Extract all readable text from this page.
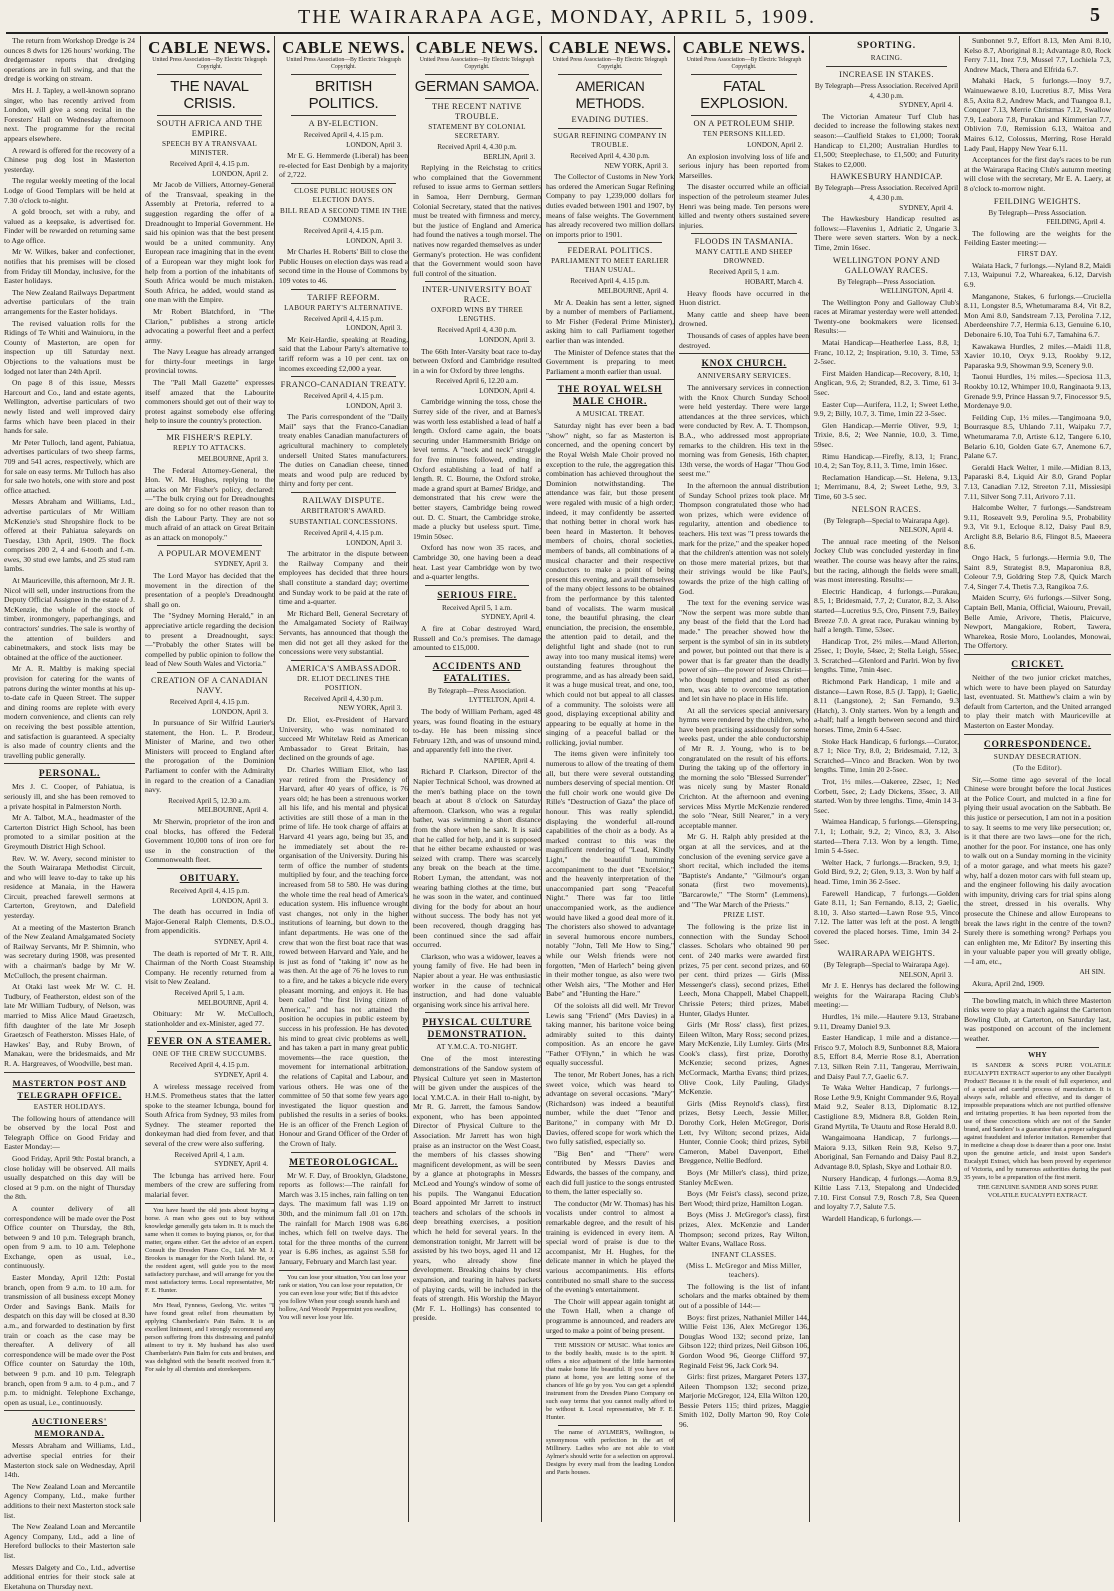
THE WAIRARAPA AGE, MONDAY, APRIL 5, 1909.	5

The return from Workshop Dredge is 24 ounces 8 dwts for 126 hours' working. The dredgemaster reports that dredging operations are in full swing, and that the dredge is working on stream.

Mrs H. J. Tapley, a well-known soprano singer, who has recently arrived from London, will give a song recital in the Foresters' Hall on Wednesday afternoon next. The programme for the recital appears elsewhere.

A reward is offered for the recovery of a Chinese pug dog lost in Masterton yesterday.

The regular weekly meeting of the local Lodge of Good Templars will be held at 7.30 o'clock to-night.

A gold brooch, set with a ruby, and valued as a keepsake, is advertised for. Finder will be rewarded on returning same to Age office.

Mr W. Wilkes, baker and confectioner, notifies that his premises will be closed from Friday till Monday, inclusive, for the Easter holidays.

The New Zealand Railways Department advertise particulars of the train arrangements for the Easter holidays.

The revised valuation rolls for the Ridings of Te Whiti and Wainuioru, in the County of Masterton, are open for inspection up till Saturday next. Objections to the valuations must be lodged not later than 24th April.

On page 8 of this issue, Messrs Harcourt and Co., land and estate agents, Wellington, advertise particulars of two newly listed and well improved dairy farms which have been placed in their hands for sale.

Mr Peter Tulloch, land agent, Pahiatua, advertises particulars of two sheep farms, 709 and 541 acres, respectively, which are for sale on easy terms. Mr Tulloch has also for sale two hotels, one with store and post office attached.

Messrs Abraham and Williams, Ltd., advertise particulars of Mr William McKenzie's stud Shropshire flock to be offered at their Pahiatua saleyards on Tuesday, 13th April, 1909. The flock comprises 200 2, 4 and 6-tooth and f.-m. ewes, 30 stud ewe lambs, and 25 stud ram lambs.

At Mauriceville, this afternoon, Mr J. R. Nicol will sell, under instructions from the Deputy Official Assignee in the estate of J. McKenzie, the whole of the stock of timber, ironmongery, paperhangings, and contractors' sundries. The sale is worthy of the attention of builders and cabinetmakers, and stock lists may be obtained at the office of the auctioneer.

Mr A. R. Maltby is making special provision for catering for the wants of patrons during the winter months at his up-to-date cafe in Queen Street. The supper and dining rooms are replete with every modern convenience, and clients can rely on receiving the best possible attention, and satisfaction is guaranteed. A specialty is also made of country clients and the travelling public generally.

PERSONAL.

Mrs J. C. Cooper, of Pahiatua, is seriously ill, and she has been removed to a private hospital in Palmerston North.

Mr A. Talbot, M.A., headmaster of the Carterton District High School, has been promoted to a similar position at the Greymouth District High School.

Rev. W. W. Avery, second minister to the South Wairarapa Methodist Circuit, and who will leave to-day to take up his residence at Manaia, in the Hawera Circuit, preached farewell sermons at Carterton, Greytown, and Dalefield yesterday.

At a meeting of the Masterton Branch of the New Zealand Amalgamated Society of Railway Servants, Mr P. Shimnin, who was secretary during 1908, was presented with a chairman's badge by Mr W. McCulloch, the present chairman.

At Otaki last week Mr W. C. H. Tudbury, of Featherston, eldest son of the late Mr William Tudbury, of Nelson, was married to Miss Alice Maud Graetzsch, fifth daughter of the late Mr Joseph Graetzsch of Featherston. Misses Hale, of Hawkes' Bay, and Ruby Brown, of Manakau, were the bridesmaids, and Mr R. A. Hargreaves, of Woodville, best man.

MASTERTON POST AND TELEGRAPH OFFICE.
EASTER HOLIDAYS.

The following hours of attendance will be observed by the local Post and Telegraph Office on Good Friday and Easter Monday:—

Good Friday, April 9th: Postal branch, a close holiday will be observed. All mails usually despatched on this day will be closed at 9 p.m. on the night of Thursday the 8th.

A counter delivery of all correspondence will be made over the Post Office counter on Thursday, the 8th, between 9 and 10 p.m. Telegraph branch, open from 9 a.m. to 10 a.m. Telephone Exchange, open as usual, i.e., continuously.

Easter Monday, April 12th: Postal branch, open from 9 a.m. to 10 a.m. for transmission of all business except Money Order and Savings Bank. Mails for despatch on this day will be closed at 8.30 a.m., and forwarded to destination by first train or coach as the case may be thereafter. A delivery of all correspondence will be made over the Post Office counter on Saturday the 10th, between 9 p.m. and 10 p.m. Telegraph branch, open from 9 a.m. to 4 p.m., and 7 p.m. to midnight. Telephone Exchange, open as usual, i.e., continuously.

AUCTIONEERS' MEMORANDA.

Messrs Abraham and Williams, Ltd., advertise special entries for their Masterton stock sale on Wednesday, April 14th.

The New Zealand Loan and Mercantile Agency Company, Ltd., make further additions to their next Masterton stock sale list.

The New Zealand Loan and Mercantile Agency Company, Ltd., add a line of Hereford bullocks to their Masterton sale list.

Messrs Dalgety and Co., Ltd., advertise additional entries for their stock sale at Eketahuna on Thursday next.

CABLE NEWS.
United Press Association—By Electric Telegraph Copyright.
THE NAVAL CRISIS.
SOUTH AFRICA AND THE EMPIRE.
SPEECH BY A TRANSVAAL MINISTER.
Received April 4, 4.15 p.m.
LONDON, April 2.

Mr Jacob de Villiers, Attorney-General of the Transvaal, speaking in the Assembly at Pretoria, referred to a suggestion regarding the offer of a Dreadnought to Imperial Government. He said his opinion was that the best present would be a united community. Any European race imagining that in the event of a European war they might look for help from a portion of the inhabitants of South Africa would be much mistaken. South Africa, he added, would stand as one man with the Empire.

Mr Robert Blatchford, in "The Clarion," publishes a strong article advocating a powerful fleet and a perfect army.

The Navy League has already arranged for thirty-four meetings in large provincial towns.

The "Pall Mall Gazette" expresses itself amazed that the Labourite commoners should get out of their way to protest against somebody else offering help to insure the country's protection.

MR FISHER'S REPLY.
REPLY TO ATTACKS.
MELBOURNE, April 3.

The Federal Attorney-General, the Hon. W. M. Hughes, replying to the attacks on Mr Fisher's policy, declared:—"The bulk crying out for Dreadnoughts are doing so for no other reason than to dish the Labour Party. They are not so much afraid of an attack on Great Britain as an attack on monopoly."

A POPULAR MOVEMENT
SYDNEY, April 3.

The Lord Mayor has decided that the movement in the direction of the presentation of a people's Dreadnought shall go on.

The "Sydney Morning Herald," in an appreciative article regarding the decision to present a Dreadnought, says:—"Probably the other States will be compelled by public opinion to follow the lead of New South Wales and Victoria."

CREATION OF A CANADIAN NAVY.
Received April 4, 4.15 p.m.
LONDON, April 3.

In pursuance of Sir Wilfrid Laurier's statement, the Hon. L. P. Brodeur, Minister of Marine, and two other Ministers will proceed to England after the prorogation of the Dominion Parliament to confer with the Admiralty in regard to the creation of a Canadian navy.

Received April 5, 12.30 a.m.
MELBOURNE, April 4.

Mr Sherwin, proprietor of the iron and coal blocks, has offered the Federal Government 10,000 tons of iron ore for use in the construction of the Commonwealth fleet.

OBITUARY.
Received April 4, 4.15 p.m.
LONDON, April 3.

The death has occurred in India of Major-General Ralph Clements, D.S.O., from appendicitis.

SYDNEY, April 4.

The death is reported of Mr T. R. Allt, Chairman of the North Coast Steamship Company. He recently returned from a visit to New Zealand.

Received April 5, 1 a.m.
MELBOURNE, April 4.

Obituary: Mr W. McCulloch, stationholder and ex-Minister, aged 77.

FEVER ON A STEAMER.
ONE OF THE CREW SUCCUMBS.
Received April 4, 4.15 p.m.
SYDNEY, April 4.

A wireless message received from H.M.S. Prometheus states that the latter spoke to the steamer Icbunga, bound for South Africa from Sydney, 93 miles from Sydney. The steamer reported the donkeyman had died from fever, and that several of the crew were also suffering.

Received April 4, 1 a.m.
SYDNEY, April 4.

The Icbunga has arrived here. Four members of the crew are suffering from malarial fever.

You have heard the old jests about buying a horse. A man who goes out to buy without knowledge generally gets taken in. It is much the same when it comes to buying pianos, or, for that matter, organs either. Get the advice of an expert. Consult the Dresden Piano Co., Ltd. Mr M. J. Brookes is manager for the North Island. He, or the resident agent, will guide you to the most satisfactory purchase, and will arrange for you the most satisfactory terms. Local representative, Mr F. E. Hunter.

Mrs Head, Fynness, Geelong, Vic. writes "I have found great relief from rheumatism by applying Chamberlain's Pain Balm. It is an excellent liniment, and I strongly recommend any person suffering from this distressing and painful ailment to try it. My husband has also used Chamberlain's Pain Balm for cuts and bruises, and was delighted with the benefit received from it." For sale by all chemists and storekeepers.

CABLE NEWS.
United Press Association—By Electric Telegraph Copyright.
BRITISH POLITICS.
A BY-ELECTION.
Received April 4, 4.15 p.m.
LONDON, April 3.

Mr E. G. Hemmerde (Liberal) has been re-elected for East Denbigh by a majority of 2,722.

CLOSE PUBLIC HOUSES ON ELECTION DAYS.
BILL READ A SECOND TIME IN THE COMMONS.
Received April 4, 4.15 p.m.
LONDON, April 3.

Mr Charles H. Roberts' Bill to close the Public Houses on election days was read a second time in the House of Commons by 109 votes to 46.

TARIFF REFORM.
LABOUR PARTY'S ALTERNATIVE.
Received April 4, 4.15 p.m.
LONDON, April 3.

Mr Keir-Hardie, speaking at Reading, said that the Labour Party's alternative to tariff reform was a 10 per cent. tax on incomes exceeding £2,000 a year.

FRANCO-CANADIAN TREATY.
Received April 4, 4.15 p.m.
LONDON, April 3.

The Paris correspondent of the "Daily Mail" says that the Franco-Canadian treaty enables Canadian manufacturers of agricultural machinery to completely undersell United States manufacturers. The duties on Canadian cheese, tinned meats and wood pulp are reduced by thirty and forty per cent.

RAILWAY DISPUTE.
ARBITRATOR'S AWARD.
SUBSTANTIAL CONCESSIONS.
Received April 4, 4.15 p.m.
LONDON, April 3.

The arbitrator in the dispute between the Railway Company and their employees has decided that three hours shall constitute a standard day; overtime and Sunday work to be paid at the rate of time and a-quarter.

Mr Richard Bell, General Secretary of the Amalgamated Society of Railway Servants, has announced that though the men did not get all they asked for the concessions were very substantial.

AMERICA'S AMBASSADOR.
DR. ELIOT DECLINES THE POSITION.
Received April 4, 4.30 p.m.
NEW YORK, April 3.

Dr. Eliot, ex-President of Harvard University, who was nominated to succeed Mr Whitelaw Reid as American Ambassador to Great Britain, has declined on the grounds of age.

Dr. Charles William Eliot, who last year retired from the Presidency of Harvard, after 40 years of office, is 76 years old; he has been a strenuous worker all his life, and his mental and physical activities are still those of a man in the prime of life. He took charge of affairs at Harvard 41 years ago, being but 35, and he immediately set about the re-organisation of the University. During his term of office the number of students multiplied by four, and the teaching force increased from 58 to 580. He was during the whole time the real head of America's education system. His influence wrought vast changes, not only in the higher institutions of learning, but down to the infant departments. He was one of the crew that won the first boat race that was rowed between Harvard and Yale, and he is just as fond of "taking it" now as he was then. At the age of 76 he loves to run to a fire, and he takes a bicycle ride every pleasant morning, and enjoys it. He has been called "the first living citizen of America," and has not attained the position he occupies in public esteem by success in his profession. He has devoted his mind to great civic problems as well, and has taken a part in many great public movements—the race question, the movement for international arbitration, the relations of Capital and Labour, and various others. He was one of the committee of 50 that some few years ago investigated the liquor question and published the results in a series of books. He is an officer of the French Legion of Honour and Grand Officer of the Order of the Crown of Italy.

METEOROLOGICAL.

Mr W. F. Day, of Brooklyn, Gladstone, reports as follows:—The rainfall for March was 3.15 inches, rain falling on ten days. The maximum fall was 1.19 on 30th, and the minimum fall .01 on 17th. The rainfall for March 1908 was 6.86 inches, which fell on twelve days. The total for the three months of the current year is 6.86 inches, as against 5.58 for January, February and March last year.

You can lose your situation, You can lose your rank or station, You can lose your reputation, Or you can even lose your wife; But if this advice you follow When your cough sounds harsh and hollow, And Woods' Peppermint you swallow, You will never lose your life.

CABLE NEWS.
United Press Association—By Electric Telegraph Copyright.
GERMAN SAMOA.
THE RECENT NATIVE TROUBLE.
STATEMENT BY COLONIAL SECRETARY.
Received April 4, 4.30 p.m.
BERLIN, April 3.

Replying in the Reichstag to critics who complained that the Government refused to issue arms to German settlers in Samoa, Herr Dernburg, German Colonial Secretary, stated that the natives must be treated with firmness and mercy, but the justice of England and America had found the natives a tough morsel. The natives now regarded themselves as under Germany's protection. He was confident that the Government would soon have full control of the situation.

INTER-UNIVERSITY BOAT RACE.
OXFORD WINS BY THREE LENGTHS.
Received April 4, 4.30 p.m.
LONDON, April 3.

The 66th Inter-Varsity boat race to-day between Oxford and Cambridge resulted in a win for Oxford by three lengths.

Received April 6, 12.20 a.m.
LONDON, April 4.

Cambridge winning the toss, chose the Surrey side of the river, and at Barnes's was worth less established a lead of half a length. Oxford came again, the boats securing under Hammersmith Bridge on level terms. A "neck and neck" struggle for five minutes followed, ending in Oxford establishing a lead of half a length. R. C. Bourne, the Oxford stroke, made a grand spurt at Barnes' Bridge, and demonstrated that his crew were the better stayers, Cambridge being rowed out. D. C. Stuart, the Cambridge stroke, made a plucky but useless spurt. Time, 19min 50sec.

Oxford has now won 35 races, and Cambridge 30, one having been a dead heat. Last year Cambridge won by two and a-quarter lengths.

SERIOUS FIRE.
Received April 5, 1 a.m.
SYDNEY, April 4.

A fire at Cobar destroyed Ward, Russell and Co.'s premises. The damage amounted to £15,000.

ACCIDENTS AND FATALITIES.
By Telegraph—Press Association.
LYTTELTON, April 4.

The body of William Perham, aged 48 years, was found floating in the estuary to-day. He has been missing since February 12th, and was of unsound mind, and apparently fell into the river.

NAPIER, April 4.

Richard P. Clarkson, Director of the Napier Technical School, was drowned at the men's bathing place on the town beach at about 8 o'clock on Saturday afternoon. Clarkson, who was a regular bather, was swimming a short distance from the shore when he sank. It is said that he called for help, and it is supposed that he either became exhausted or was seized with cramp. There was scarcely any break on the beach at the time. Robert Lyman, the attendant, was not wearing bathing clothes at the time, but he was soon in the water, and continued diving for the body for about an hour without success. The body has not yet been recovered, though dragging has been continued since the sad affair occurred.

Clarkson, who was a widower, leaves a young family of five. He had been in Napier about a year. He was enthusiastic worker in the cause of technical instruction, and had done valuable organising work since his arrival here.

PHYSICAL CULTURE DEMONSTRATION.
AT Y.M.C.A. TO-NIGHT.

One of the most interesting demonstrations of the Sandow system of Physical Culture yet seen in Masterton will be given under the auspices of the local Y.M.C.A. in their Hall to-night, by Mr R. G. Jarrett, the famous Sandow exponent, who has been appointed Director of Physical Culture to the Association. Mr Jarrett has won high praise as an instructor on the West Coast, the members of his classes showing magnificent development, as will be seen by a glance at photographs in Messrs McLeod and Young's window of some of his pupils. The Wanganui Education Board appointed Mr Jarrett to instruct teachers and scholars of the schools in deep breathing exercises, a position which he held for several years. In the demonstration tonight, Mr Jarrett will be assisted by his two boys, aged 11 and 12 years, who already show fine development. Breaking chains by chest expansion, and tearing in halves packets of playing cards, will be included in the feats of strength. His Worship the Mayor (Mr F. L. Hollings) has consented to preside.

CABLE NEWS.
United Press Association—By Electric Telegraph Copyright.
AMERICAN METHODS.
EVADING DUTIES.
SUGAR REFINING COMPANY IN TROUBLE.
Received April 4, 4.30 p.m.
NEW YORK, April 3.

The Collector of Customs in New York has ordered the American Sugar Refining Company to pay 1,239,000 dollars for duties evaded between 1901 and 1907, by means of false weights. The Government has already recovered two million dollars on imports prior to 1901.

FEDERAL POLITICS.
PARLIAMENT TO MEET EARLIER THAN USUAL.
Received April 4, 4.15 p.m.
MELBOURNE, April 4.

Mr A. Deakin has sent a letter, signed by a number of members of Parliament, to Mr Fisher (Federal Prime Minister), asking him to call Parliament together earlier than was intended.

The Minister of Defence states that the Government is preparing to meet Parliament a month earlier than usual.

THE ROYAL WELSH MALE CHOIR.
A MUSICAL TREAT.

Saturday night has ever been a bad "show" night, so far as Masterton is concerned, and the opening concert by the Royal Welsh Male Choir proved no exception to the rule, the aggregation this combination has achieved throughout the Dominion notwithstanding. The attendance was fair, but those present were regaled with music of a high order; indeed, it may confidently be asserted that nothing better in choral work has been heard in Masterton. It behoves members of choirs, choral societies, members of bands, all combinations of a musical character and their respective conductors to make a point of being present this evening, and avail themselves of the many object lessons to be obtained from the performance by this talented band of vocalists. The warm musical tone, the beautiful phrasing, the clear enunciation, the precision, the ensemble, the attention paid to detail, and the delightful light and shade (not to run away into too many musical items) were outstanding features throughout the programme, and as has already been said, it was a huge musical treat, and one, too, which could not but appeal to all classes of a community. The soloists were all good, displaying exceptional ability and appearing to be equally at home in the singing of a peaceful ballad or the rollicking, jovial number.

The items given were infinitely too numerous to allow of the treating of them all, but there were several outstanding numbers deserving of special mention. Of the full choir work one would give De Rille's "Destruction of Gaza" the place of honour. This was really splendid, displaying the wonderful all-round capabilities of the choir as a body. As a marked contrast to this was the magnificent rendering of "Lead, Kindly Light," the beautiful humming accompaniment to the duet "Excelsior," and the heavenly interpretation of the unaccompanied part song "Peaceful Night." There was far too little unaccompanied work, as the audience would have liked a good deal more of it. The choristers also showed to advantage in several humorous encore numbers, notably "John, Tell Me How to Sing," while our Welsh friends were not forgotten, "Men of Harlech" being given in their mother tongue, as also were two other Welsh airs, "The Mother and Her Babe" and "Hunting the Hare."

Of the soloists all did well. Mr Trevor Lewis sang "Friend" (Mrs Davies) in a taking manner, his baritone voice being admirably suited to this dainty composition. As an encore he gave "Father O'Flynn," in which he was equally successful.

The tenor, Mr Robert Jones, has a rich sweet voice, which was heard to advantage on several occasions. "Mary" (Richardson) was indeed a beautiful number, while the duet "Tenor and Baritone," in company with Mr D. Davies, offered scope for work which the two fully satisfied, especially so.

"Big Ben" and "There" were contributed by Messrs Davies and Edwards, the basses of the company, and each did full justice to the songs entrusted to them, the latter especially so.

The conductor (Mr W. Thomas) has his vocalists under control to almost a remarkable degree, and the result of his training is evidenced in every item. A special word of praise is due to the accompanist, Mr H. Hughes, for the delicate manner in which he played the various accompaniments. His efforts contributed no small share to the success of the evening's entertainment.

The Choir will appear again tonight at the Town Hall, when a change of programme is announced, and readers are urged to make a point of being present.

THE MISSION OF MUSIC. What tonics are to the bodily health, music is to the spirit. It offers a nice adjustment of the little harmonies that make home life beautiful. If you have not a piano at home, you are letting some of the chances of life go by you. You can get a splendid instrument from the Dresden Piano Company on such easy terms that you cannot really afford to be without it. Local representative, Mr F. E. Hunter.

The name of AYLMER'S, Wellington, is synonymous with perfection in the art of Millinery. Ladies who are not able to visit Aylmer's should write for a selection on approval. Designs by every mail from the leading London and Paris houses.

CABLE NEWS.
United Press Association—By Electric Telegraph Copyright.
FATAL EXPLOSION.
ON A PETROLEUM SHIP.
TEN PERSONS KILLED.
LONDON, April 2.

An explosion involving loss of life and serious injury has been reported from Marseilles.

The disaster occurred while an official inspection of the petroleum steamer Jules Henri was being made. Ten persons were killed and twenty others sustained severe injuries.

FLOODS IN TASMANIA.
MANY CATTLE AND SHEEP DROWNED.
Received April 5, 1 a.m.
HOBART, March 4.

Heavy floods have occurred in the Huon district.

Many cattle and sheep have been drowned.

Thousands of cases of apples have been destroyed.

KNOX CHURCH.
ANNIVERSARY SERVICES.

The anniversary services in connection with the Knox Church Sunday School were held yesterday. There were large attendances at the three services, which were conducted by Rev. A. T. Thompson, B.A., who addressed most appropriate remarks to the children. His text in the morning was from Genesis, 16th chapter, 13th verse, the words of Hagar "Thou God seest me."

In the afternoon the annual distribution of Sunday School prizes took place. Mr Thompson congratulated those who had won prizes, which were evidence of regularity, attention and obedience to teachers. His text was "I press towards the mark for the prize," and the speaker hoped that the children's attention was not solely on those mere material prizes, but that their strivings would be like Paul's, towards the prize of the high calling of God.

The text for the evening service was "Now the serpent was more subtle than any beast of the field that the Lord had made." The preacher showed how the serpent is the symbol of sin in its subtlety and power, but pointed out that there is a power that is far greater than the deadly power of sin—the power of Jesus Christ—who though tempted and tried as other men, was able to overcome temptation and let sin have no place in His life.

At all the services special anniversary hymns were rendered by the children, who have been practising assiduously for some weeks past, under the able conductorship of Mr R. J. Young, who is to be congratulated on the result of his efforts. During the taking up of the offertory in the morning the solo "Blessed Surrender" was nicely sung by Master Ronald Crichton. At the afternoon and evening services Miss Myrtle McKenzie rendered the solo "Near, Still Nearer," in a very acceptable manner.

Mr G. H. Ralph ably presided at the organ at all the services, and at the conclusion of the evening service gave a short recital, which included the items "Baptiste's Andante," "Gilmour's organ sonata (first two movements), "Barcarowle," "The Storm" (Lemmens), and "The War March of the Priests."

PRIZE LIST.

The following is the prize list in connection with the Sunday School classes. Scholars who obtained 90 per cent. of 240 marks were awarded first prizes, 75 per cent. second prizes, and 60 per cent. third prizes — Girls (Miss Messenger's class), second prizes, Ethel Leech, Mona Chappell, Mabel Chappell, Chrissie Peters; third prizes, Mabel Hunter, Gladys Hunter.

Girls (Mr Ross' class), first prizes, Eileen Wilton, Mary Ross; second prizes, Mary McKenzie, Lily Lumley. Girls (Mrs Cook's class), first prize, Dorothy McKenzie; second prizes, Agnes McCormack, Martha Evans; third prizes, Olive Cook, Lily Pauling, Gladys McKenzie.

Girls (Miss Reynold's class), first prizes, Betsy Leech, Jessie Miller, Dorothy Cork, Helen McGregor, Doris Lett, Ivy Wilton; second prizes, Aida Hunter, Connie Cook; third prizes, Sybil Cameron, Mabel Davenport, Ethel Breggence, Nellie Bedford.

Boys (Mr Miller's class), third prize, Stanley McEwen.

Boys (Mr Feist's class), second prize, Bert Wood; third prize, Hamilton Logan.

Boys (Miss J. McGregor's class), first prizes, Alex. McKenzie and Lander Thompson; second prizes, Ray Wilton, Walter Evans, Wallace Ross.

INFANT CLASSES.
(Miss L. McGregor and Miss Miller, teachers).

The following is the list of infant scholars and the marks obtained by them out of a possible of 144:—

Boys: first prizes, Nathaniel Miller 144, Willie Feist 136, Alex McGregor 136, Douglas Wood 132; second prize, Ian Gibson 122; third prizes, Neil Gibson 106, Gordon Wood 96, George Clifford 97, Reginald Feist 96, Jack Cork 94.

Girls: first prizes, Margaret Peters 137, Aileen Thompson 132; second prize, Marjorie McGregor, 124, Ella Wilton 120, Bessie Peters 115; third prizes, Maggie Smith 102, Dolly Marton 90, Roy Cole 96.

SPORTING.
RACING.
INCREASE IN STAKES.
By Telegraph—Press Association. Received April 4, 4.30 p.m.
SYDNEY, April 4.

The Victorian Amateur Turf Club has decided to increase the following stakes next season:—Caulfield Stakes to £1,000; Toorak Handicap to £1,200; Australian Hurdles to £1,500; Steeplechase, to £1,500; and Futurity Stakes to £2,000.

HAWKESBURY HANDICAP.
By Telegraph—Press Association. Received April 4, 4.30 p.m.
SYDNEY, April 4.

The Hawkesbury Handicap resulted as follows:—Flavenius 1, Adriatic 2, Ungarie 3. There were seven starters. Won by a neck. Time, 2min 16sec.

WELLINGTON PONY AND GALLOWAY RACES.
By Telegraph—Press Association.
WELLINGTON, April 4.

The Wellington Pony and Galloway Club's races at Miramar yesterday were well attended. Twenty-one bookmakers were licensed. Results:—

Matai Handicap—Heatherlee Lass, 8.8, 1; Franc, 10.12, 2; Inspiration, 9.10, 3. Time, 53 2-5sec.

First Maiden Handicap—Recovery, 8.10, 1; Anglican, 9.6, 2; Stranded, 8.2, 3. Time, 61 3-5sec.

Easter Cup—Aurifera, 11.2, 1; Sweet Lethe, 9.9, 2; Billy, 10.7, 3. Time, 1min 22 3-5sec.

Glen Handicap.—Merrie Oliver, 9.9, 1; Trixie, 8.6, 2; Wee Nannie, 10.0, 3. Time, 59sec.

Rimu Handicap.—Firefly, 8.13, 1; Franc, 10.4, 2; San Toy, 8.11, 3. Time, 1min 16sec.

Reclamation Handicap.—St. Helena, 9.13, 1; Merrimanu, 8.4, 2; Sweet Lethe, 9.9, 3. Time, 60 3-5 sec.

NELSON RACES.
(By Telegraph—Special to Wairarapa Age).
NELSON, April 4.

The annual race meeting of the Nelson Jockey Club was concluded yesterday in fine weather. The course was heavy after the rains, but the racing, although the fields were small, was most interesting. Results:—

Electric Handicap, 4 furlongs.—Purakau, 8.5, 1; Bridesmaid, 7.7, 2; Curator, 8.2, 3. Also started—Lucretius 9.5, Oro, Pinsent 7.9, Bailey Breeze 7.0. A great race, Purakau winning by half a length. Time, 53sec.

Handicap Trot, 2½ miles.—Maud Allerton, 25sec, 1; Doyle, 54sec, 2; Stella Leigh, 55sec, 3. Scratched—Glenlord and Parlri. Won by five lengths. Time, 7min 4sec.

Richmond Park Handicap, 1 mile and a distance—Lawn Rose, 8.5 (J. Tapp), 1; Gaelic, 8.11 (Langstone), 2; San Fernando, 9.3 (Hatch), 3. Only starters. Won by a length and a-half; half a length between second and third horses. Time, 2min 6 4-5sec.

Stoke Hack Handicap, 6 furlongs.—Curator, 8.7 1; Nice Try, 8.0, 2; Bridesmaid, 7.12, 3. Scratched—Vinco and Bracken. Won by two lengths. Time, 1min 20 2-5sec.

Trot, 1½ miles.—Oakeree, 22sec, 1; Ned Corbett, 5sec, 2; Lady Dickens, 35sec, 3. All started. Won by three lengths. Time, 4min 14 3-5sec.

Waimea Handicap, 5 furlongs.—Glenspring, 7.1, 1; Lothair, 9.2, 2; Vinco, 8.3, 3. Also started—Thera 7.13. Won by a length. Time, 1min 5 4-5sec.

Welter Hack, 7 furlongs.—Bracken, 9.9, 1; Gold Bird, 9.2, 2; Glen, 9.13, 3. Won by half a head. Time, 1min 36 2-5sec.

Farewell Handicap, 7 furlongs.—Golden Gate 8.11, 1; San Fernando, 8.13, 2; Gaelic, 8.10, 3. Also started—Lawn Rose 9.5, Vinco 7.12. The latter was left at the post. A length covered the placed horses. Time, 1min 34 2-5sec.

WAIRARAPA WEIGHTS.
(By Telegraph—Special to Wairarapa Age).
NELSON, April 3.

Mr J. E. Henrys has declared the following weights for the Wairarapa Racing Club's meeting:—

Hurdles, 1¾ mile.—Hautere 9.13, Strabane 9.11, Dreamy Daniel 9.3.

Easter Handicap, 1 mile and a distance.—Frisco 9.7, Moloch 8.9, Sunbonnet 8.8, Maiora 8.5, Effort 8.4, Merrie Rose 8.1, Aberration 7.13, Silken Rein 7.11, Tangerau, Merriwain, and Daisy Paul 7.7, Gaelic 6.7.

Te Waka Welter Handicap, 7 furlongs.—Rose Lethe 9.9, Knight Commander 9.6, Royal Maid 9.2, Sealer 8.13, Diplomatic 8.12, Castiglione 8.9, Midnera 8.8, Golden Rein, Grand Myrtila, Te Utautu and Rose Herald 8.0.

Wangaimoana Handicap, 7 furlongs.—Maiora 9.13, Silken Rein 9.8, Kelso 9.7, Aboriginal, San Fernando and Daisy Paul 8.2, Advantage 8.0, Splash, Skye and Lothair 8.0.

Nursery Handicap, 4 furlongs.—Aoma 8.9, Kiltie Lass 7.13, Stepalong and Undecided 7.10. First Consul 7.9, Rosch 7.8, Sea Queen and loyalty 7.7, Salute 7.5.

Wardell Handicap, 6 furlongs.—

Sunbonnet 9.7, Effort 8.13, Men Ami 8.10, Kelso 8.7, Aboriginal 8.1; Advantage 8.0, Rock Ferry 7.11, Inez 7.9, Mussel 7.7, Lochiela 7.3, Andrew Mack, Thera and Elfrida 6.7.

Mahaki Hack, 5 furlongs.—Inoy 9.7, Wainuewaewe 8.10, Lucretius 8.7, Miss Vera 8.5, Axita 8.2, Andrew Mack, and Tuangoa 8.1, Conquer 7.13, Merrie Christmas 7.12, Swallow 7.9, Leabora 7.8, Purakau and Kimmerian 7.7, Oblivion 7.0, Remission 6.13, Waitoa and Maires 6.12, Colossus, Merring, Rose Herald Lady Paul, Happy New Year 6.11.

Acceptances for the first day's races to be run at the Wairarapa Racing Club's autumn meeting will close with the secretary, Mr E. A. Laery, at 8 o'clock to-morrow night.

FEILDING WEIGHTS.
By Telegraph—Press Association.
FEILDING, April 4.

The following are the weights for the Feilding Easter meeting:—

FIRST DAY.

Waiata Hack, 7 furlongs.—Nyland 8.2, Maidi 7.13, Waipunui 7.2, Whareakea, 6.12, Darvish 6.9.

Manganone, Stakes, 6 furlongs.—Cruciella 8.11, Longster 8.5, Whetumarama 8.4, Vit 8.2, Mon Ami 8.0, Sandstream 7.13, Perolina 7.12, Aberdeenshire 7.7, Hermia 6.13, Genuine 6.10, Debonaire 6.10, Toa Tuhi 6.7, Tamahina 6.7.

Kawakawa Hurdles, 2 miles.—Maidi 11.8, Xavier 10.10, Oryx 9.13, Rookby 9.12, Paparaska 9.9, Showman 9.9, Scenery 9.0.

Taonui Hurdles, 1½ miles.—Speciosa 11.3, Rookby 10.12, Whimper 10.0, Ranginaota 9.13, Grenade 9.9, Prince Hassan 9.7, Finocessor 9.5, Mordenaye 9.0.

Feilding Cup, 1½ miles.—Tangimoana 9.0, Bourrasque 8.5, Uhlando 7.11, Waipaku 7.7, Whetumarama 7.0, Artiste 6.12, Tangere 6.10, Belario 6.10, Golden Gate 6.7, Anemone 6.7, Palane 6.7.

Geraldi Hack Welter, 1 mile.—Midian 8.13, Paparaski 8.4, Liquid Air 8.0, Grand Poplar 7.13, Canadian 7.12, Streeton 7.11, Missiesipi 7.11, Silver Song 7.11, Arivoro 7.11.

Halcombe Welter, 7 furlongs.—Sandstream 9.11, Roseavelt 9.9, Perolina 9.5, Probability 9.3, Vit 9.1, Ecloque 8.12, Daisy Paul 8.9, Arclight 8.8, Belario 8.6, Flingot 8.5, Maeeera 8.6.

Ongo Hack, 5 furlongs.—Hermia 9.0, The Saint 8.9, Strategist 8.9, Maparoniua 8.8, Coleour 7.9, Goldring Step 7.8, Quick March 7.4, Singer 7.4, Thetis 7.3, Rangikoa 7.6.

Maiden Scurry, 6½ furlongs.—Silver Song, Captain Bell, Mania, Official, Waiouru, Prevail, Belle Amie, Arivore, Thetis, Plaicurve, Newport, Mangakiore, Robert, Tawera, Wharekea, Rosie Moro, Loolandes, Monowai, The Offertory.

CRICKET.

Neither of the two junior cricket matches, which were to have been played on Saturday last, eventuated. St. Matthew's claim a win by default from Carterton, and the United arranged to play their match with Mauriceville at Masterton on Easter Monday.

CORRESPONDENCE.
SUNDAY DESECRATION.
(To the Editor).

Sir,—Some time ago several of the local Chinese were brought before the local Justices at the Police Court, and mulcted in a fine for plying their usual avocation on the Sabbath. Be this justice or persecution, I am not in a position to say. It seems to me very like persecution; or, is it that there are two laws—one for the rich, another for the poor. For instance, one has only to walk out on a Sunday morning in the vicinity of a motor garage, and what meets his gaze? why, half a dozen motor cars with full steam up, and the engineer following his daily avocation with impunity, driving cars for trial spins along the street, dressed in his overalls. Why prosecute the Chinese and allow Europeans to break the laws right in the centre of the town? Surely there is something wrong? Perhaps you can enlighten me, Mr Editor? By inserting this in your valuable paper you will greatly oblige,—I am, etc.,

AH SIN.

Akura, April 2nd, 1909.

The bowling match, in which three Masterton rinks were to play a match against the Carterton Bowling Club, at Carterton, on Saturday last, was postponed on account of the inclement weather.

WHY

IS SANDER & SONS PURE VOLATILE EUCALYPTI EXTRACT superior to any other Eucalypti Product? Because it is the result of full experience, and of a special and careful process of manufacture. It is always safe, reliable and effective, and its danger of impossible preparations which are not purified offensive and irritating properties. It has been reported from the use of these concoctions which are not of the Sander brand, and Sanders' is a guarantee that a proper safeguard against fraudulent and inferior imitation. Remember that in medicine a cheap dose is dearer than a poor one. Insist upon the genuine article, and insist upon Sander's Eucalypti Extract, which has been proved by experience of Victoria, and by numerous authorities during the past 35 years, to be a preparation of the first merit.

THE GENUINE SANDER AND SONS PURE VOLATILE EUCALYPTI EXTRACT.
